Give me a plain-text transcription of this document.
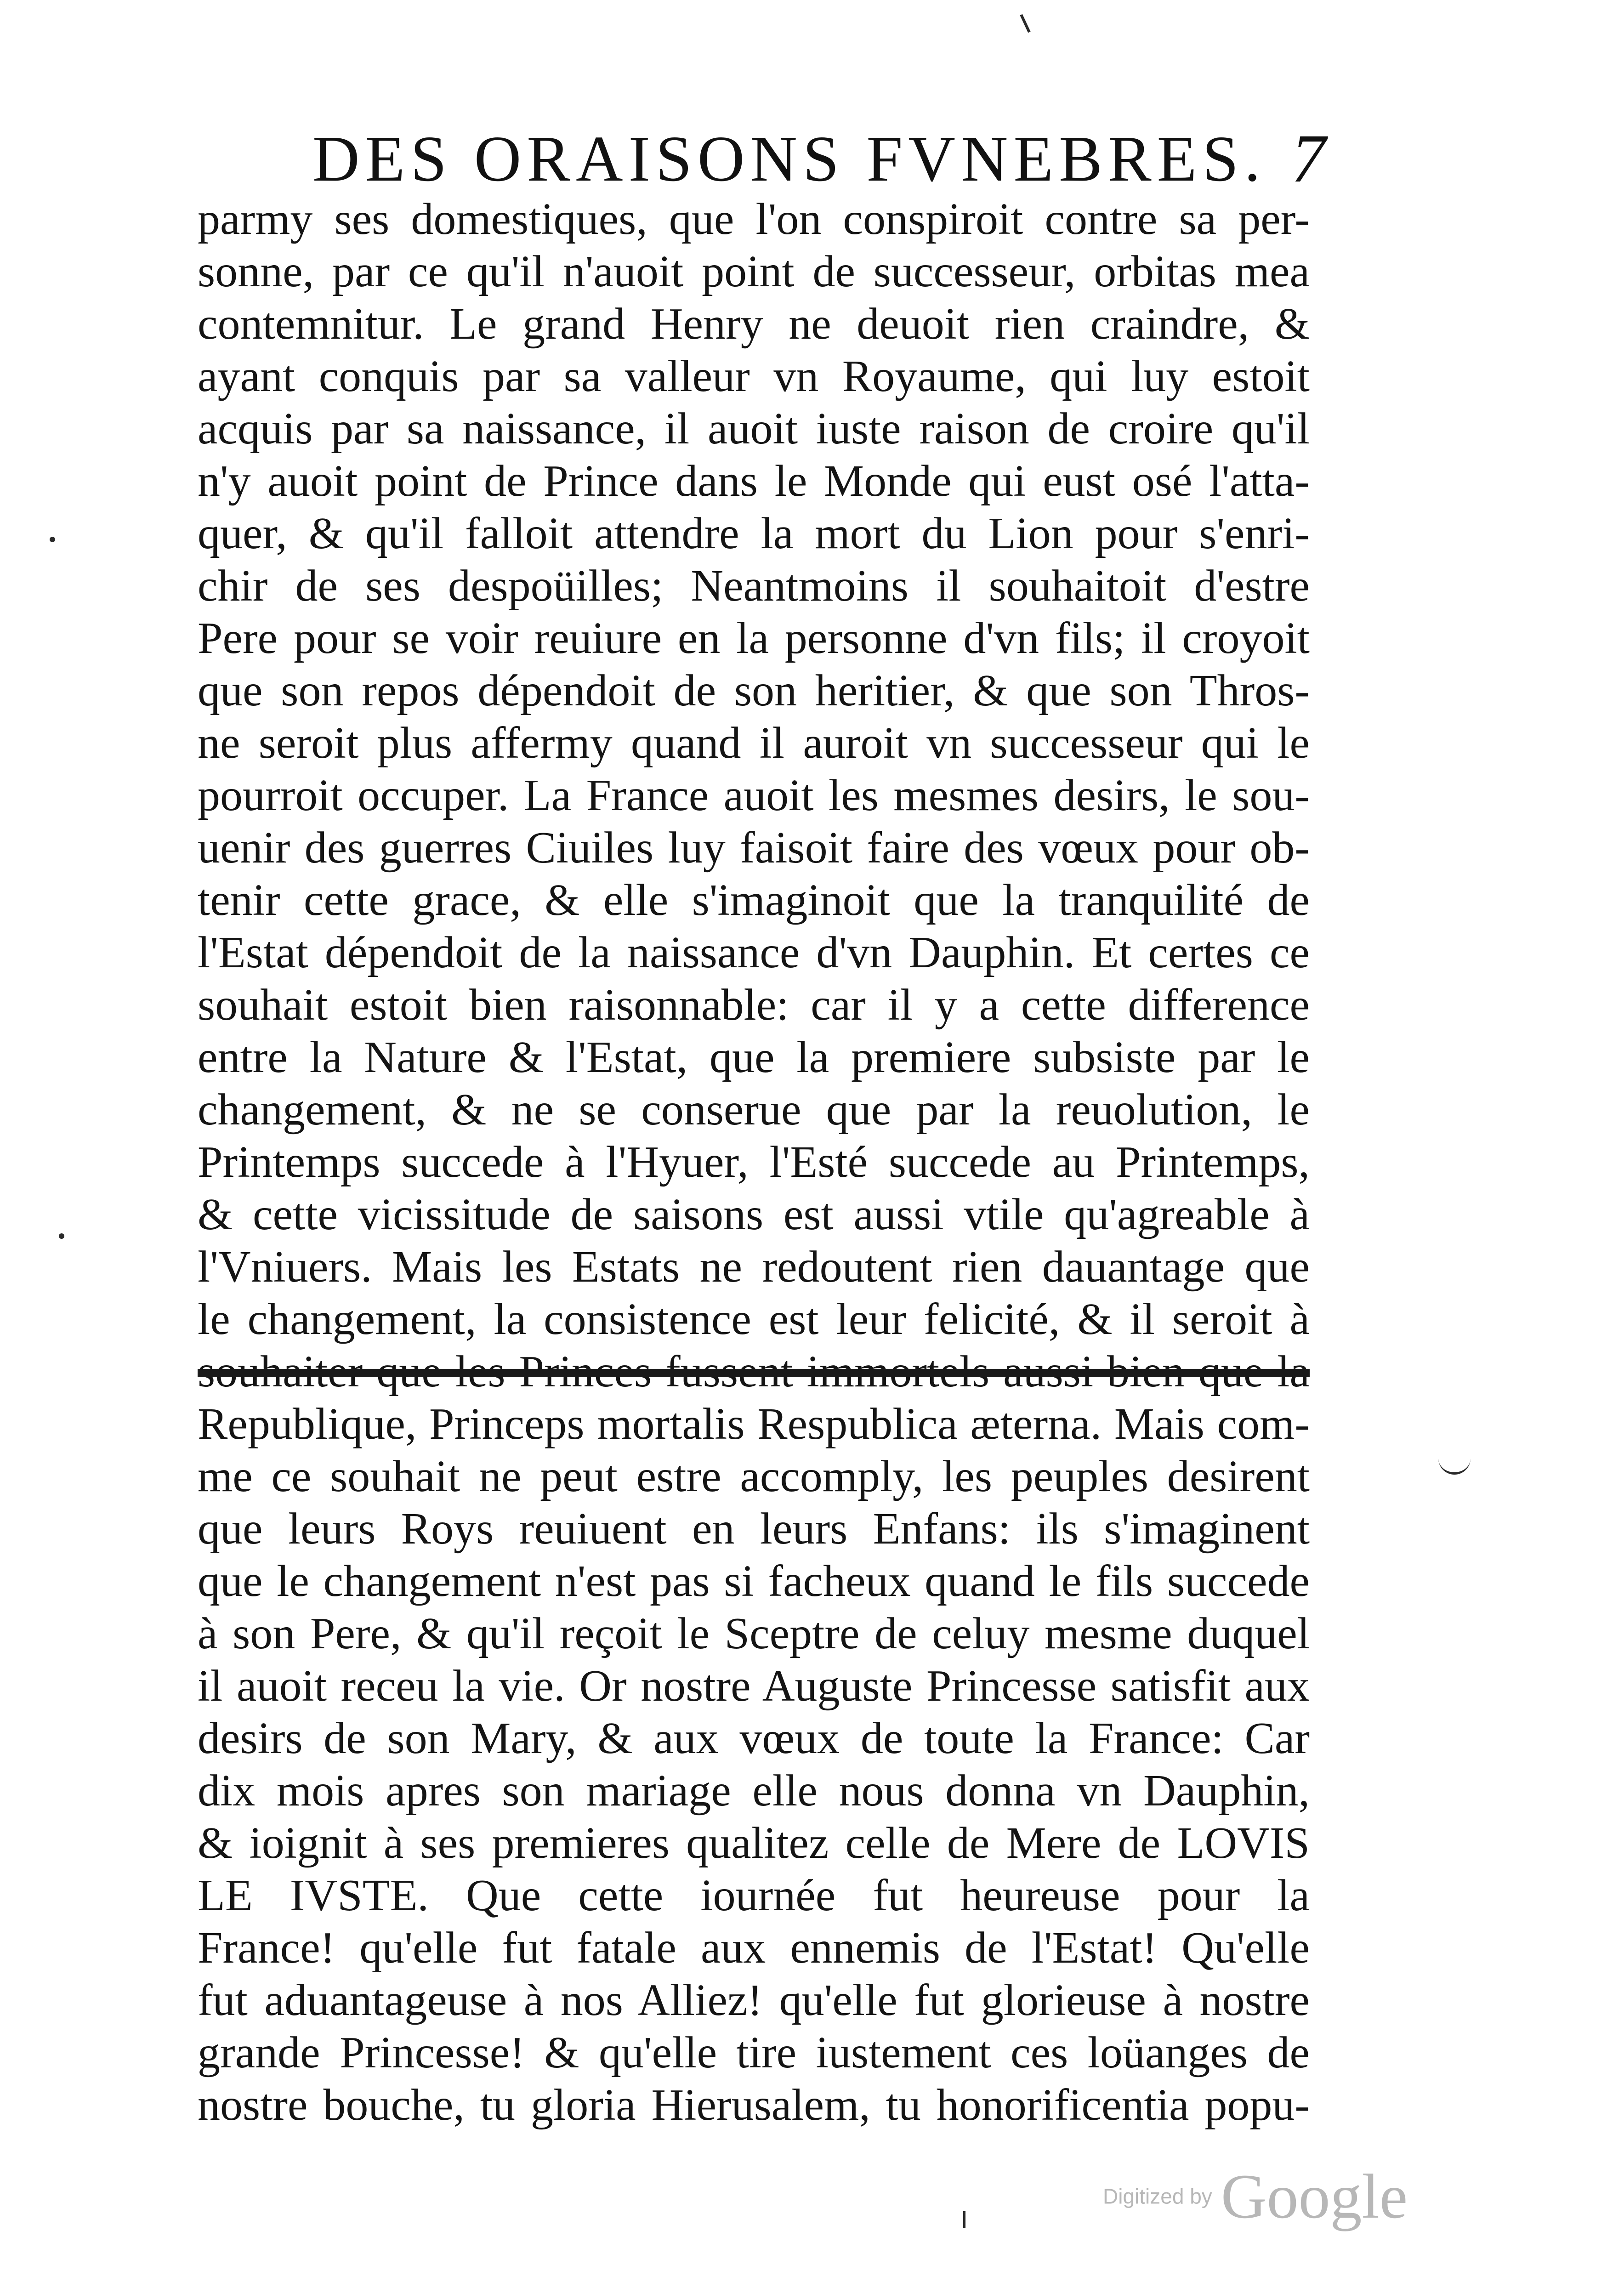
DES ORAISONS FVNEBRES. 7
parmy ses domestiques, que l'on conspiroit contre sa per-
sonne, par ce qu'il n'auoit point de successeur, orbitas mea
contemnitur. Le grand Henry ne deuoit rien craindre, &
ayant conquis par sa valleur vn Royaume, qui luy estoit
acquis par sa naissance, il auoit iuste raison de croire qu'il
n'y auoit point de Prince dans le Monde qui eust osé l'atta-
quer, & qu'il falloit attendre la mort du Lion pour s'enri-
chir de ses despoüilles; Neantmoins il souhaitoit d'estre
Pere pour se voir reuiure en la personne d'vn fils; il croyoit
que son repos dépendoit de son heritier, & que son Thros-
ne seroit plus affermy quand il auroit vn successeur qui le
pourroit occuper. La France auoit les mesmes desirs, le sou-
uenir des guerres Ciuiles luy faisoit faire des vœux pour ob-
tenir cette grace, & elle s'imaginoit que la tranquilité de
l'Estat dépendoit de la naissance d'vn Dauphin. Et certes ce
souhait estoit bien raisonnable: car il y a cette difference
entre la Nature & l'Estat, que la premiere subsiste par le
changement, & ne se conserue que par la reuolution, le
Printemps succede à l'Hyuer, l'Esté succede au Printemps,
& cette vicissitude de saisons est aussi vtile qu'agreable à
l'Vniuers. Mais les Estats ne redoutent rien dauantage que
le changement, la consistence est leur felicité, & il seroit à
souhaiter que les Princes fussent immortels aussi bien que la
Republique, Princeps mortalis Respublica æterna. Mais com-
me ce souhait ne peut estre accomply, les peuples desirent
que leurs Roys reuiuent en leurs Enfans: ils s'imaginent
que le changement n'est pas si facheux quand le fils succede
à son Pere, & qu'il reçoit le Sceptre de celuy mesme duquel
il auoit receu la vie. Or nostre Auguste Princesse satisfit aux
desirs de son Mary, & aux vœux de toute la France: Car
dix mois apres son mariage elle nous donna vn Dauphin,
& ioignit à ses premieres qualitez celle de Mere de LOVIS
LE IVSTE. Que cette iournée fut heureuse pour la
France! qu'elle fut fatale aux ennemis de l'Estat! Qu'elle
fut aduantageuse à nos Alliez! qu'elle fut glorieuse à nostre
grande Princesse! & qu'elle tire iustement ces loüanges de
nostre bouche, tu gloria Hierusalem, tu honorificentia popu-
Digitized by Google
